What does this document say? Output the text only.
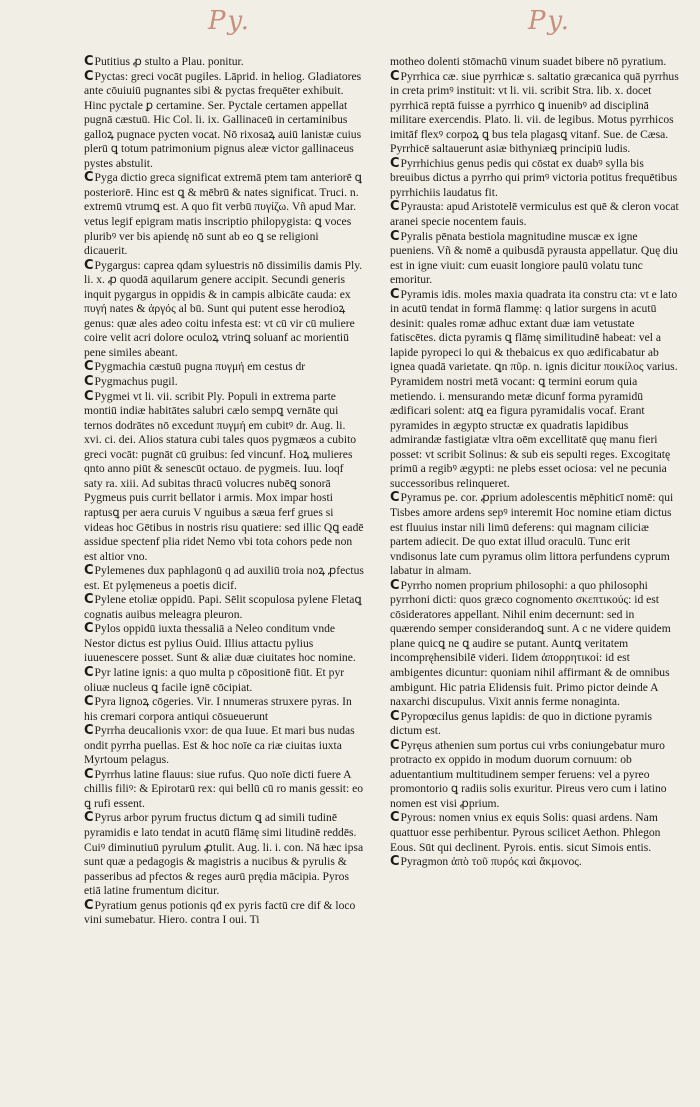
Py.	Py.

CPutitius ꝓ stulto a Plau. ponitur.

CPyctas: greci vocāt pugiles. Lāprid. in heliog. Gladiatores ante cōuiuiū pugnantes sibi & pyctas frequēter exhibuit. Hinc pyctale ꝑ certamine. Ser. Pyctale certamen appellat pugnā cæstuū. Hic Col. li. ix. Gallinaceū in certaminibus galloꝝ pugnace pycten vocat. Nō rixosaꝝ auiū lanistæ cuius plerū ꝗ totum patrimonium pignus aleæ victor gallinaceus pystes abstulit.

CPyga dictio greca significat extremā ptem tam anteriorē ꝗ posteriorē. Hinc est ꝗ & mēbrū & nates significat. Truci. n. extremū vtrumꝗ est. A quo fit verbū πυγίζω. Vñ apud Mar. vetus legif epigram matis inscriptio philopygista: ꝗ voces pluribꝰ ver bis apiendę nō sunt ab eo ꝗ se religioni dicauerit.

CPygargus: caprea qdam syluestris nō dissimilis damis Ply. li. x. ꝓ quodā aquilarum genere accipit. Secundi generis inquit pygargus in oppidis & in campis albicāte cauda: ex πυγή nates & ἀργός al bū. Sunt qui putent esse herodioꝝ genus: quæ ales adeo coitu infesta est: vt cū vir cū muliere coire velit acri dolore oculoꝝ vtrinꝗ soluanf ac morientiū pene similes abeant.

CPygmachia cæstuū pugna πυγμή em cestus dr

CPygmachus pugil.

CPygmei vt li. vii. scribit Ply. Populi in extrema parte montiū indiæ habitātes salubri cælo sempꝗ vernāte qui ternos dodrātes nō excedunt πυγμή em cubitꝰ dr. Aug. li. xvi. ci. dei. Alios statura cubi tales quos pygmæos a cubito greci vocāt: pugnāt cū gruibus: ſed vincunf. Hoꝝ mulieres qnto anno piūt & senescūt octauo. de pygmeis. Iuu. loqf saty ra. xiii. Ad subitas thracū volucres nubēꝗ sonorā Pygmeus puis currit bellator i armis. Mox impar hosti raptusꝗ per aera curuis V nguibus a sæua ferf grues si videas hoc Gētibus in nostris risu quatiere: sed illic Qꝗ eadē assidue spectenf plia ridet Nemo vbi tota cohors pede non est altior vno.

CPylemenes dux paphlagonū q ad auxiliū troia noꝝ ꝓfectus est. Et pylęmeneus a poetis dicif.

CPylene etoliæ oppidū. Papi. Sēlit scopulosa pylene Fletaꝗ cognatis auibus meleagra pleuron.

CPylos oppidū iuxta thessaliā a Neleo conditum vnde Nestor dictus est pylius Ouid. Illius attactu pylius iuuenescere posset. Sunt & aliæ duæ ciuitates hoc nomine.

CPyr latine ignis: a quo multa p cōpositionē fiūt. Et pyr oliuæ nucleus ꝗ facile ignē cōcipiat.

CPyra lignoꝝ cōgeries. Vir. I nnumeras struxere pyras. In his cremari corpora antiqui cōsueuerunt

CPyrrha deucalionis vxor: de qua Iuue. Et mari bus nudas ondit pyrrha puellas. Est & hoc noīe ca riæ ciuitas iuxta Myrtoum pelagus.

CPyrrhus latine flauus: siue rufus. Quo noīe dicti fuere A chillis filiꝰ: & Epirotarū rex: qui bellū cū ro manis gessit: eo ꝗ rufi essent.

CPyrus arbor pyrum fructus dictum ꝗ ad simili tudinē pyramidis e lato tendat in acutū flāmę simi litudinē reddēs. Cuiꝰ diminutiuū pyrulum ꝓtulit. Aug. li. i. con. Nā hæc ipsa sunt quæ a pedagogis & magistris a nucibus & pyrulis & passeribus ad pfectos & reges aurū prędia mācipia. Pyros etiā latine frumentum dicitur.

CPyratium genus potionis qđ ex pyris factū cre dif & loco vini sumebatur. Hiero. contra I oui. Ti

motheo dolenti stōmachū vinum suadet bibere nō pyratium.

CPyrrhica cæ. siue pyrrhicæ s. saltatio græcanica quā pyrrhus in creta primꝰ instituit: vt li. vii. scribit Stra. lib. x. docet pyrrhicā reptā fuisse a pyrrhico ꝗ inuenibꝰ ad disciplinā militare exercendis. Plato. li. vii. de legibus. Motus pyrrhicos imitāf flexꝰ corpoꝝ ꝗ bus tela plagasꝗ vitanf. Sue. de Cæsa. Pyrrhicē saltauerunt asiæ bithyniæꝗ principiū ludis.

CPyrrhichius genus pedis qui cōstat ex duabꝰ sylla bis breuibus dictus a pyrrho qui primꝰ victoria potitus frequētibus pyrrhichiis laudatus fit.

CPyrausta: apud Aristotelē vermiculus est quē & cleron vocat aranei specie nocentem fauis.

CPyralis pēnata bestiola magnitudine muscæ ex igne pueniens. Vñ & nomē a quibusdā pyrausta appellatur. Quę diu est in igne viuit: cum euasit longiore paulū volatu tunc emoritur.

CPyramis idis. moles maxia quadrata ita constru cta: vt e lato in acutū tendat in formā flammę: q latior surgens in acutū desinit: quales romæ adhuc extant duæ iam vetustate fatiscētes. dicta pyramis ꝗ flāmę similitudinē habeat: vel a lapide pyropeci lo qui & thebaicus ex quo ædificabatur ab ignea quadā varietate. ꝗn πῦρ. n. ignis dicitur ποικίλος varius. Pyramidem nostri metā vocant: ꝗ termini eorum quia metiendo. i. mensurando metæ dicunf forma pyramidū ædificari solent: atꝗ ea figura pyramidalis vocaf. Erant pyramides in ægypto structæ ex quadratis lapidibus admirandæ fastigiatæ vltra oēm excellitatē quę manu fieri posset: vt scribit Solinus: & sub eis sepulti reges. Excogitatę primū a regibꝰ ægypti: ne plebs esset ociosa: vel ne pecunia successoribus relinqueret.

CPyramus pe. cor. ꝓprium adolescentis mēphiticī nomē: qui Tisbes amore ardens sepꝰ interemit Hoc nomine etiam dictus est fluuius instar nili limū deferens: qui magnam ciliciæ partem adiecit. De quo extat illud oraculū. Tunc erit vndisonus late cum pyramus olim littora perfundens cyprum labatur in almam.

CPyrrho nomen proprium philosophi: a quo philosophi pyrrhoni dicti: quos græco cognomento σκεπτικούς: id est cōsideratores appellant. Nihil enim decernunt: sed in quærendo semper considerandoꝗ sunt. A c ne videre quidem plane quicꝗ ne ꝗ audire se putant. Auntꝗ veritatem incompręhensibilē videri. Iidem ἀπορρητικοί: id est ambigentes dicuntur: quoniam nihil affirmant & de omnibus ambigunt. Hic patria Elidensis fuit. Primo pictor deinde A naxarchi discupulus. Vixit annis ferme nonaginta.

CPyropœcilus genus lapidis: de quo in dictione pyramis dictum est.

CPyręus athenien sum portus cui vrbs coniungebatur muro protracto ex oppido in modum duorum cornuum: ob aduentantium multitudinem semper feruens: vel a pyreo promontorio ꝗ radiis solis exuritur. Pireus vero cum i latino nomen est visi ꝓprium.

CPyrous: nomen vnius ex equis Solis: quasi ardens. Nam quattuor esse perhibentur. Pyrous scilicet Aethon. Phlegon Eous. Sūt qui declinent. Pyrois. entis. sicut Simois entis.

CPyragmon ἀπὸ τοῦ πυρός καὶ ἄκμονος.
